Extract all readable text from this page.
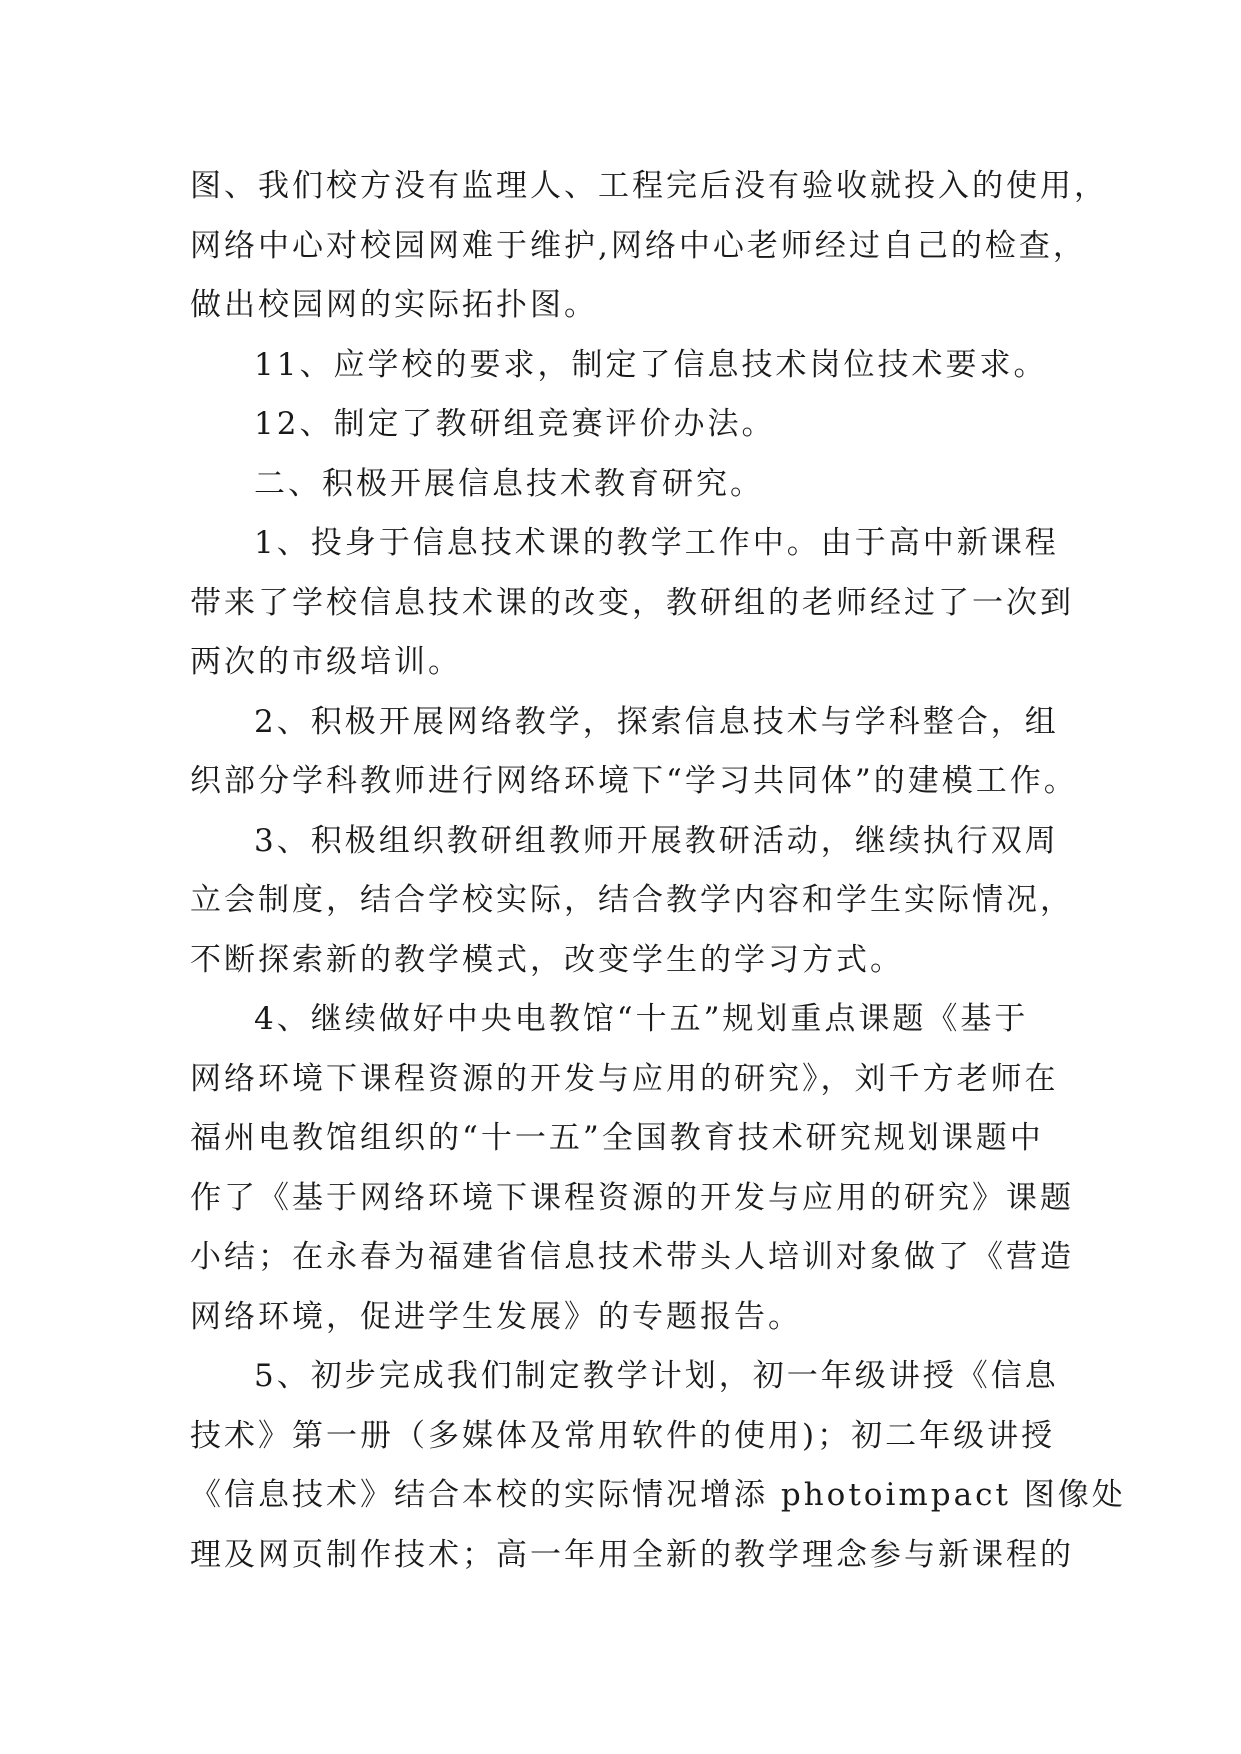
图、我们校方没有监理人、工程完后没有验收就投入的使用，
网络中心对校园网难于维护,网络中心老师经过自己的检查，
做出校园网的实际拓扑图。
11、应学校的要求，制定了信息技术岗位技术要求。
12、制定了教研组竞赛评价办法。
二、积极开展信息技术教育研究。
1、投身于信息技术课的教学工作中。由于高中新课程
带来了学校信息技术课的改变，教研组的老师经过了一次到
两次的市级培训。
2、积极开展网络教学，探索信息技术与学科整合，组
织部分学科教师进行网络环境下“学习共同体”的建模工作。
3、积极组织教研组教师开展教研活动，继续执行双周
立会制度，结合学校实际，结合教学内容和学生实际情况，
不断探索新的教学模式，改变学生的学习方式。
4、继续做好中央电教馆“十五”规划重点课题《基于
网络环境下课程资源的开发与应用的研究》，刘千方老师在
福州电教馆组织的“十一五”全国教育技术研究规划课题中
作了《基于网络环境下课程资源的开发与应用的研究》课题
小结；在永春为福建省信息技术带头人培训对象做了《营造
网络环境，促进学生发展》的专题报告。
5、初步完成我们制定教学计划，初一年级讲授《信息
技术》第一册（多媒体及常用软件的使用)；初二年级讲授
《信息技术》结合本校的实际情况增添 photoimpact 图像处
理及网页制作技术；高一年用全新的教学理念参与新课程的
